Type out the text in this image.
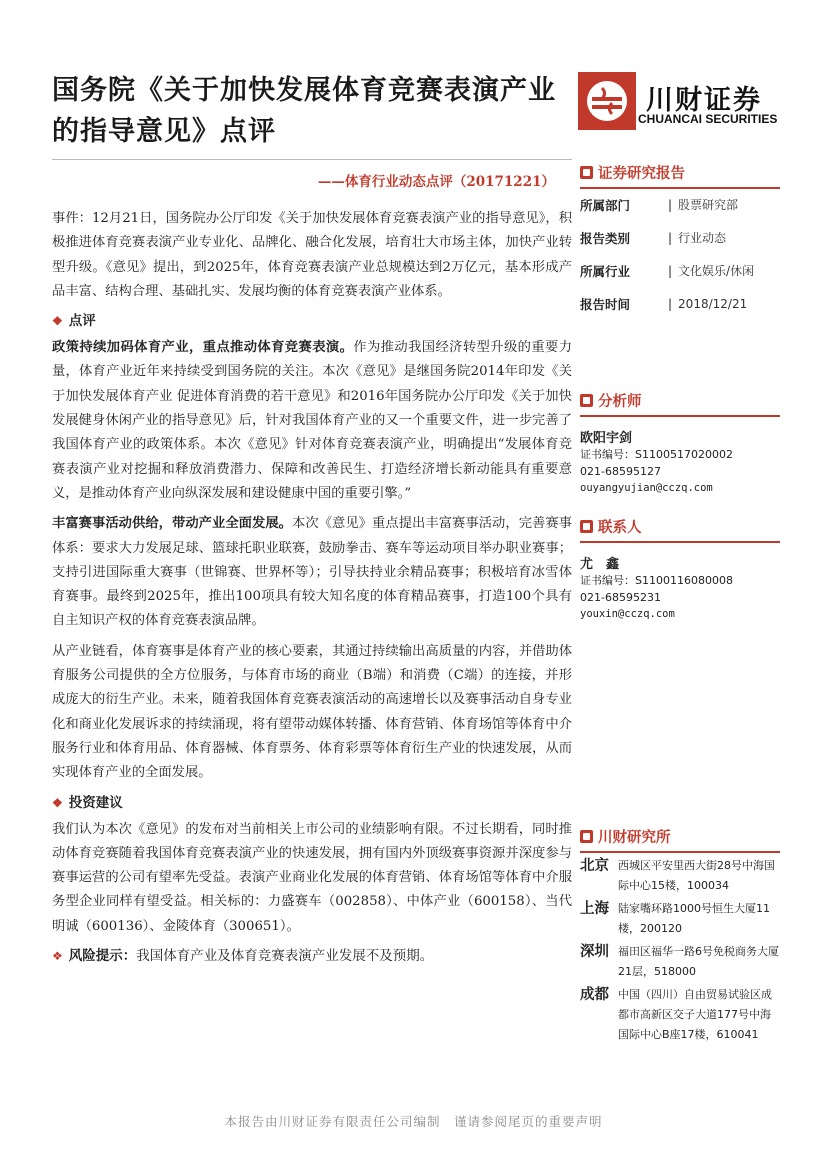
国务院《关于加快发展体育竞赛表演产业的指导意见》点评
川财证券
CHUANCAI SECURITIES
——体育行业动态点评（20171221）

事件：12月21日，国务院办公厅印发《关于加快发展体育竞赛表演产业的指导意见》，积极推进体育竞赛表演产业专业化、品牌化、融合化发展，培育壮大市场主体，加快产业转型升级。《意见》提出，到2025年，体育竞赛表演产业总规模达到2万亿元，基本形成产品丰富、结构合理、基础扎实、发展均衡的体育竞赛表演产业体系。

❖ 点评

政策持续加码体育产业，重点推动体育竞赛表演。作为推动我国经济转型升级的重要力量，体育产业近年来持续受到国务院的关注。本次《意见》是继国务院2014年印发《关于加快发展体育产业 促进体育消费的若干意见》和2016年国务院办公厅印发《关于加快发展健身休闲产业的指导意见》后，针对我国体育产业的又一个重要文件，进一步完善了我国体育产业的政策体系。本次《意见》针对体育竞赛表演产业，明确提出“发展体育竞赛表演产业对挖掘和释放消费潜力、保障和改善民生、打造经济增长新动能具有重要意义，是推动体育产业向纵深发展和建设健康中国的重要引擎。”

丰富赛事活动供给，带动产业全面发展。本次《意见》重点提出丰富赛事活动，完善赛事体系：要求大力发展足球、篮球托职业联赛，鼓励拳击、赛车等运动项目举办职业赛事；支持引进国际重大赛事（世锦赛、世界杯等）；引导扶持业余精品赛事；积极培育冰雪体育赛事。最终到2025年，推出100项具有较大知名度的体育精品赛事，打造100个具有自主知识产权的体育竞赛表演品牌。

从产业链看，体育赛事是体育产业的核心要素，其通过持续输出高质量的内容，并借助体育服务公司提供的全方位服务，与体育市场的商业（B端）和消费（C端）的连接，并形成庞大的衍生产业。未来，随着我国体育竞赛表演活动的高速增长以及赛事活动自身专业化和商业化发展诉求的持续涌现，将有望带动媒体转播、体育营销、体育场馆等体育中介服务行业和体育用品、体育器械、体育票务、体育彩票等体育衍生产业的快速发展，从而实现体育产业的全面发展。

❖ 投资建议

我们认为本次《意见》的发布对当前相关上市公司的业绩影响有限。不过长期看，同时推动体育竞赛随着我国体育竞赛表演产业的快速发展，拥有国内外顶级赛事资源并深度参与赛事运营的公司有望率先受益。表演产业商业化发展的体育营销、体育场馆等体育中介服务型企业同样有望受益。相关标的：力盛赛车（002858）、中体产业（600158）、当代明诚（600136）、金陵体育（300651）。

❖ 风险提示：我国体育产业及体育竞赛表演产业发展不及预期。
证券研究报告
所属部门	| 股票研究部
报告类别	| 行业动态
所属行业	| 文化娱乐/休闲
报告时间	| 2018/12/21
分析师
欧阳宇剑
证书编号：S1100517020002
021-68595127
ouyangyujian@cczq.com
联系人
尤　鑫
证书编号：S1100116080008
021-68595231
youxin@cczq.com
川财研究所
北京 西城区平安里西大街28号中海国际中心15楼，100034
上海 陆家嘴环路1000号恒生大厦11楼，200120
深圳 福田区福华一路6号免税商务大厦21层，518000
成都 中国（四川）自由贸易试验区成都市高新区交子大道177号中海国际中心B座17楼，610041
本报告由川财证券有限责任公司编制　谨请参阅尾页的重要声明
